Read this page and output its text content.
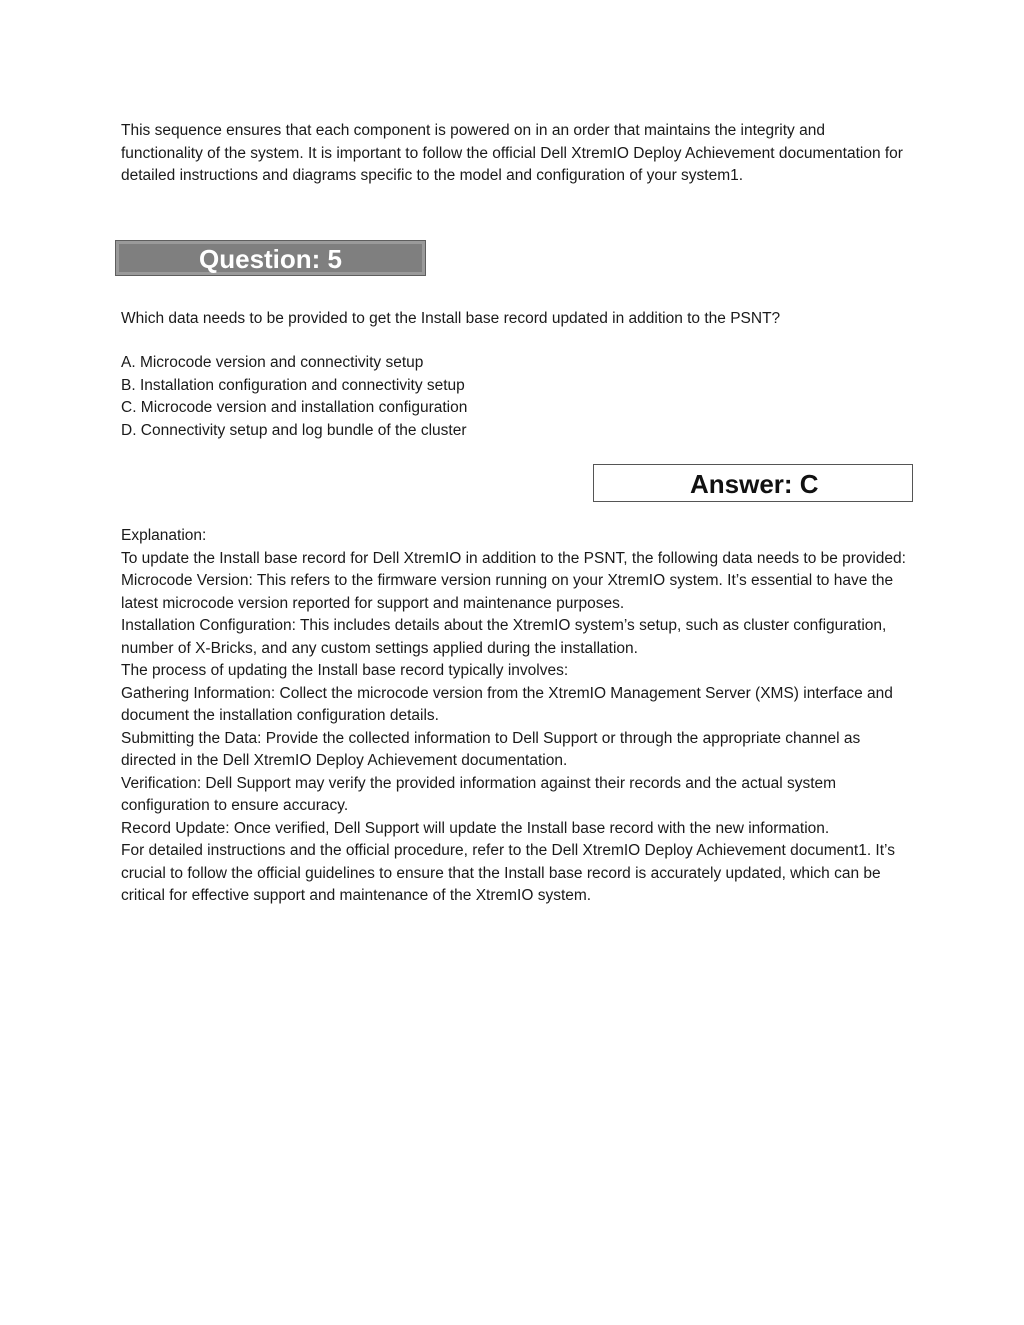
This sequence ensures that each component is powered on in an order that maintains the integrity and functionality of the system. It is important to follow the official Dell XtremIO Deploy Achievement documentation for detailed instructions and diagrams specific to the model and configuration of your system1.

Question: 5

Which data needs to be provided to get the Install base record updated in addition to the PSNT?

A. Microcode version and connectivity setup
B. Installation configuration and connectivity setup
C. Microcode version and installation configuration
D. Connectivity setup and log bundle of the cluster
Answer: C

Explanation:

To update the Install base record for Dell XtremIO in addition to the PSNT, the following data needs to be provided:

Microcode Version: This refers to the firmware version running on your XtremIO system. It’s essential to have the latest microcode version reported for support and maintenance purposes.

Installation Configuration: This includes details about the XtremIO system’s setup, such as cluster configuration, number of X-Bricks, and any custom settings applied during the installation.

The process of updating the Install base record typically involves:

Gathering Information: Collect the microcode version from the XtremIO Management Server (XMS) interface and document the installation configuration details.

Submitting the Data: Provide the collected information to Dell Support or through the appropriate channel as directed in the Dell XtremIO Deploy Achievement documentation.

Verification: Dell Support may verify the provided information against their records and the actual system configuration to ensure accuracy.

Record Update: Once verified, Dell Support will update the Install base record with the new information.

For detailed instructions and the official procedure, refer to the Dell XtremIO Deploy Achievement document1. It’s crucial to follow the official guidelines to ensure that the Install base record is accurately updated, which can be critical for effective support and maintenance of the XtremIO system.
